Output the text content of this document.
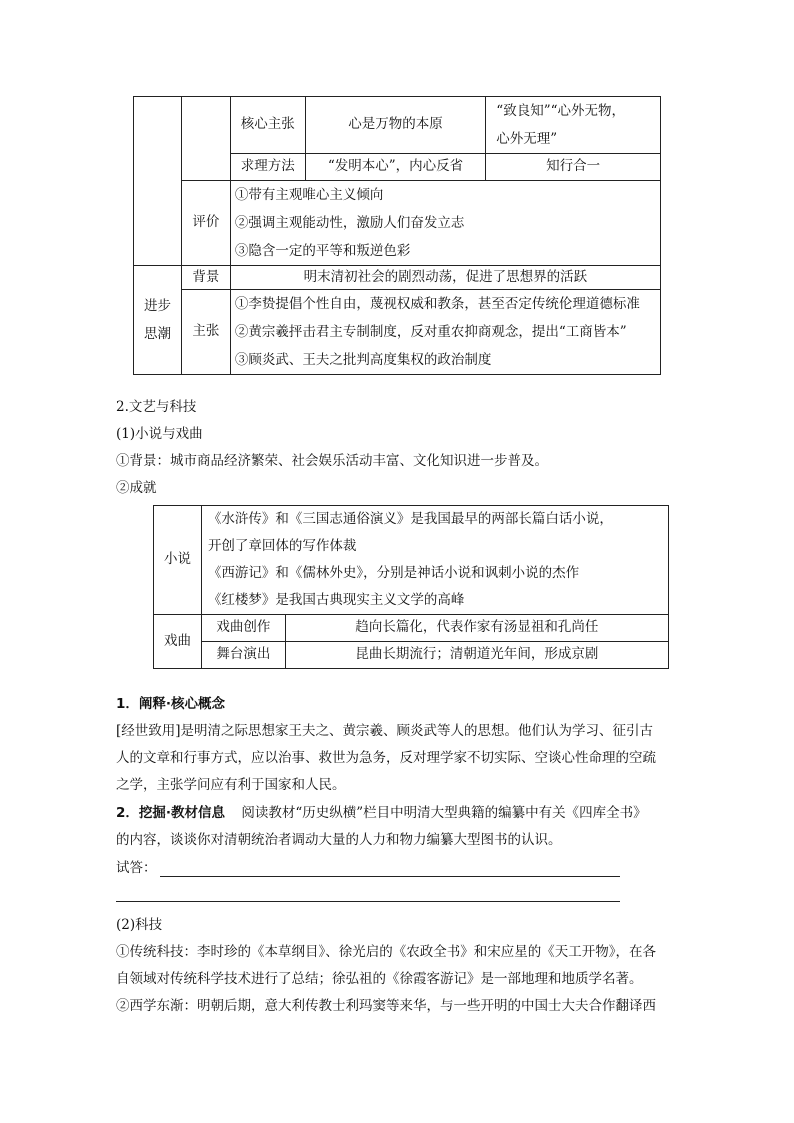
		核心主张	心是万物的本原	“致良知”“心外无物，
心外无理”

		求理方法	“发明本心”，内心反省	知行合一
	评价	①带有主观唯心主义倾向
②强调主观能动性，激励人们奋发立志
③隐含一定的平等和叛逆色彩		

进步
思潮	背景	明末清初社会的剧烈动荡，促进了思想界的活跃		
	主张	①李贽提倡个性自由，蔑视权威和教条，甚至否定传统伦理道德标准
②黄宗羲抨击君主专制制度，反对重农抑商观念，提出“工商皆本”
③顾炎武、王夫之批判高度集权的政治制度		
2.文艺与科技
(1)小说与戏曲
①背景：城市商品经济繁荣、社会娱乐活动丰富、文化知识进一步普及。
②成就
小说	《水浒传》和《三国志通俗演义》是我国最早的两部长篇白话小说，
开创了章回体的写作体裁
《西游记》和《儒林外史》，分别是神话小说和讽刺小说的杰作
《红楼梦》是我国古典现实主义文学的高峰	

戏曲	戏曲创作	趋向长篇化，代表作家有汤显祖和孔尚任
	舞台演出	昆曲长期流行；清朝道光年间，形成京剧
1．阐释·核心概念
[经世致用]是明清之际思想家王夫之、黄宗羲、顾炎武等人的思想。他们认为学习、征引古
人的文章和行事方式，应以治事、救世为急务，反对理学家不切实际、空谈心性命理的空疏
之学，主张学问应有利于国家和人民。
2．挖掘·教材信息 阅读教材“历史纵横”栏目中明清大型典籍的编纂中有关《四库全书》
的内容，谈谈你对清朝统治者调动大量的人力和物力编纂大型图书的认识。
试答：
(2)科技
①传统科技：李时珍的《本草纲目》、徐光启的《农政全书》和宋应星的《天工开物》，在各
自领域对传统科学技术进行了总结；徐弘祖的《徐霞客游记》是一部地理和地质学名著。
②西学东渐：明朝后期，意大利传教士利玛窦等来华，与一些开明的中国士大夫合作翻译西
